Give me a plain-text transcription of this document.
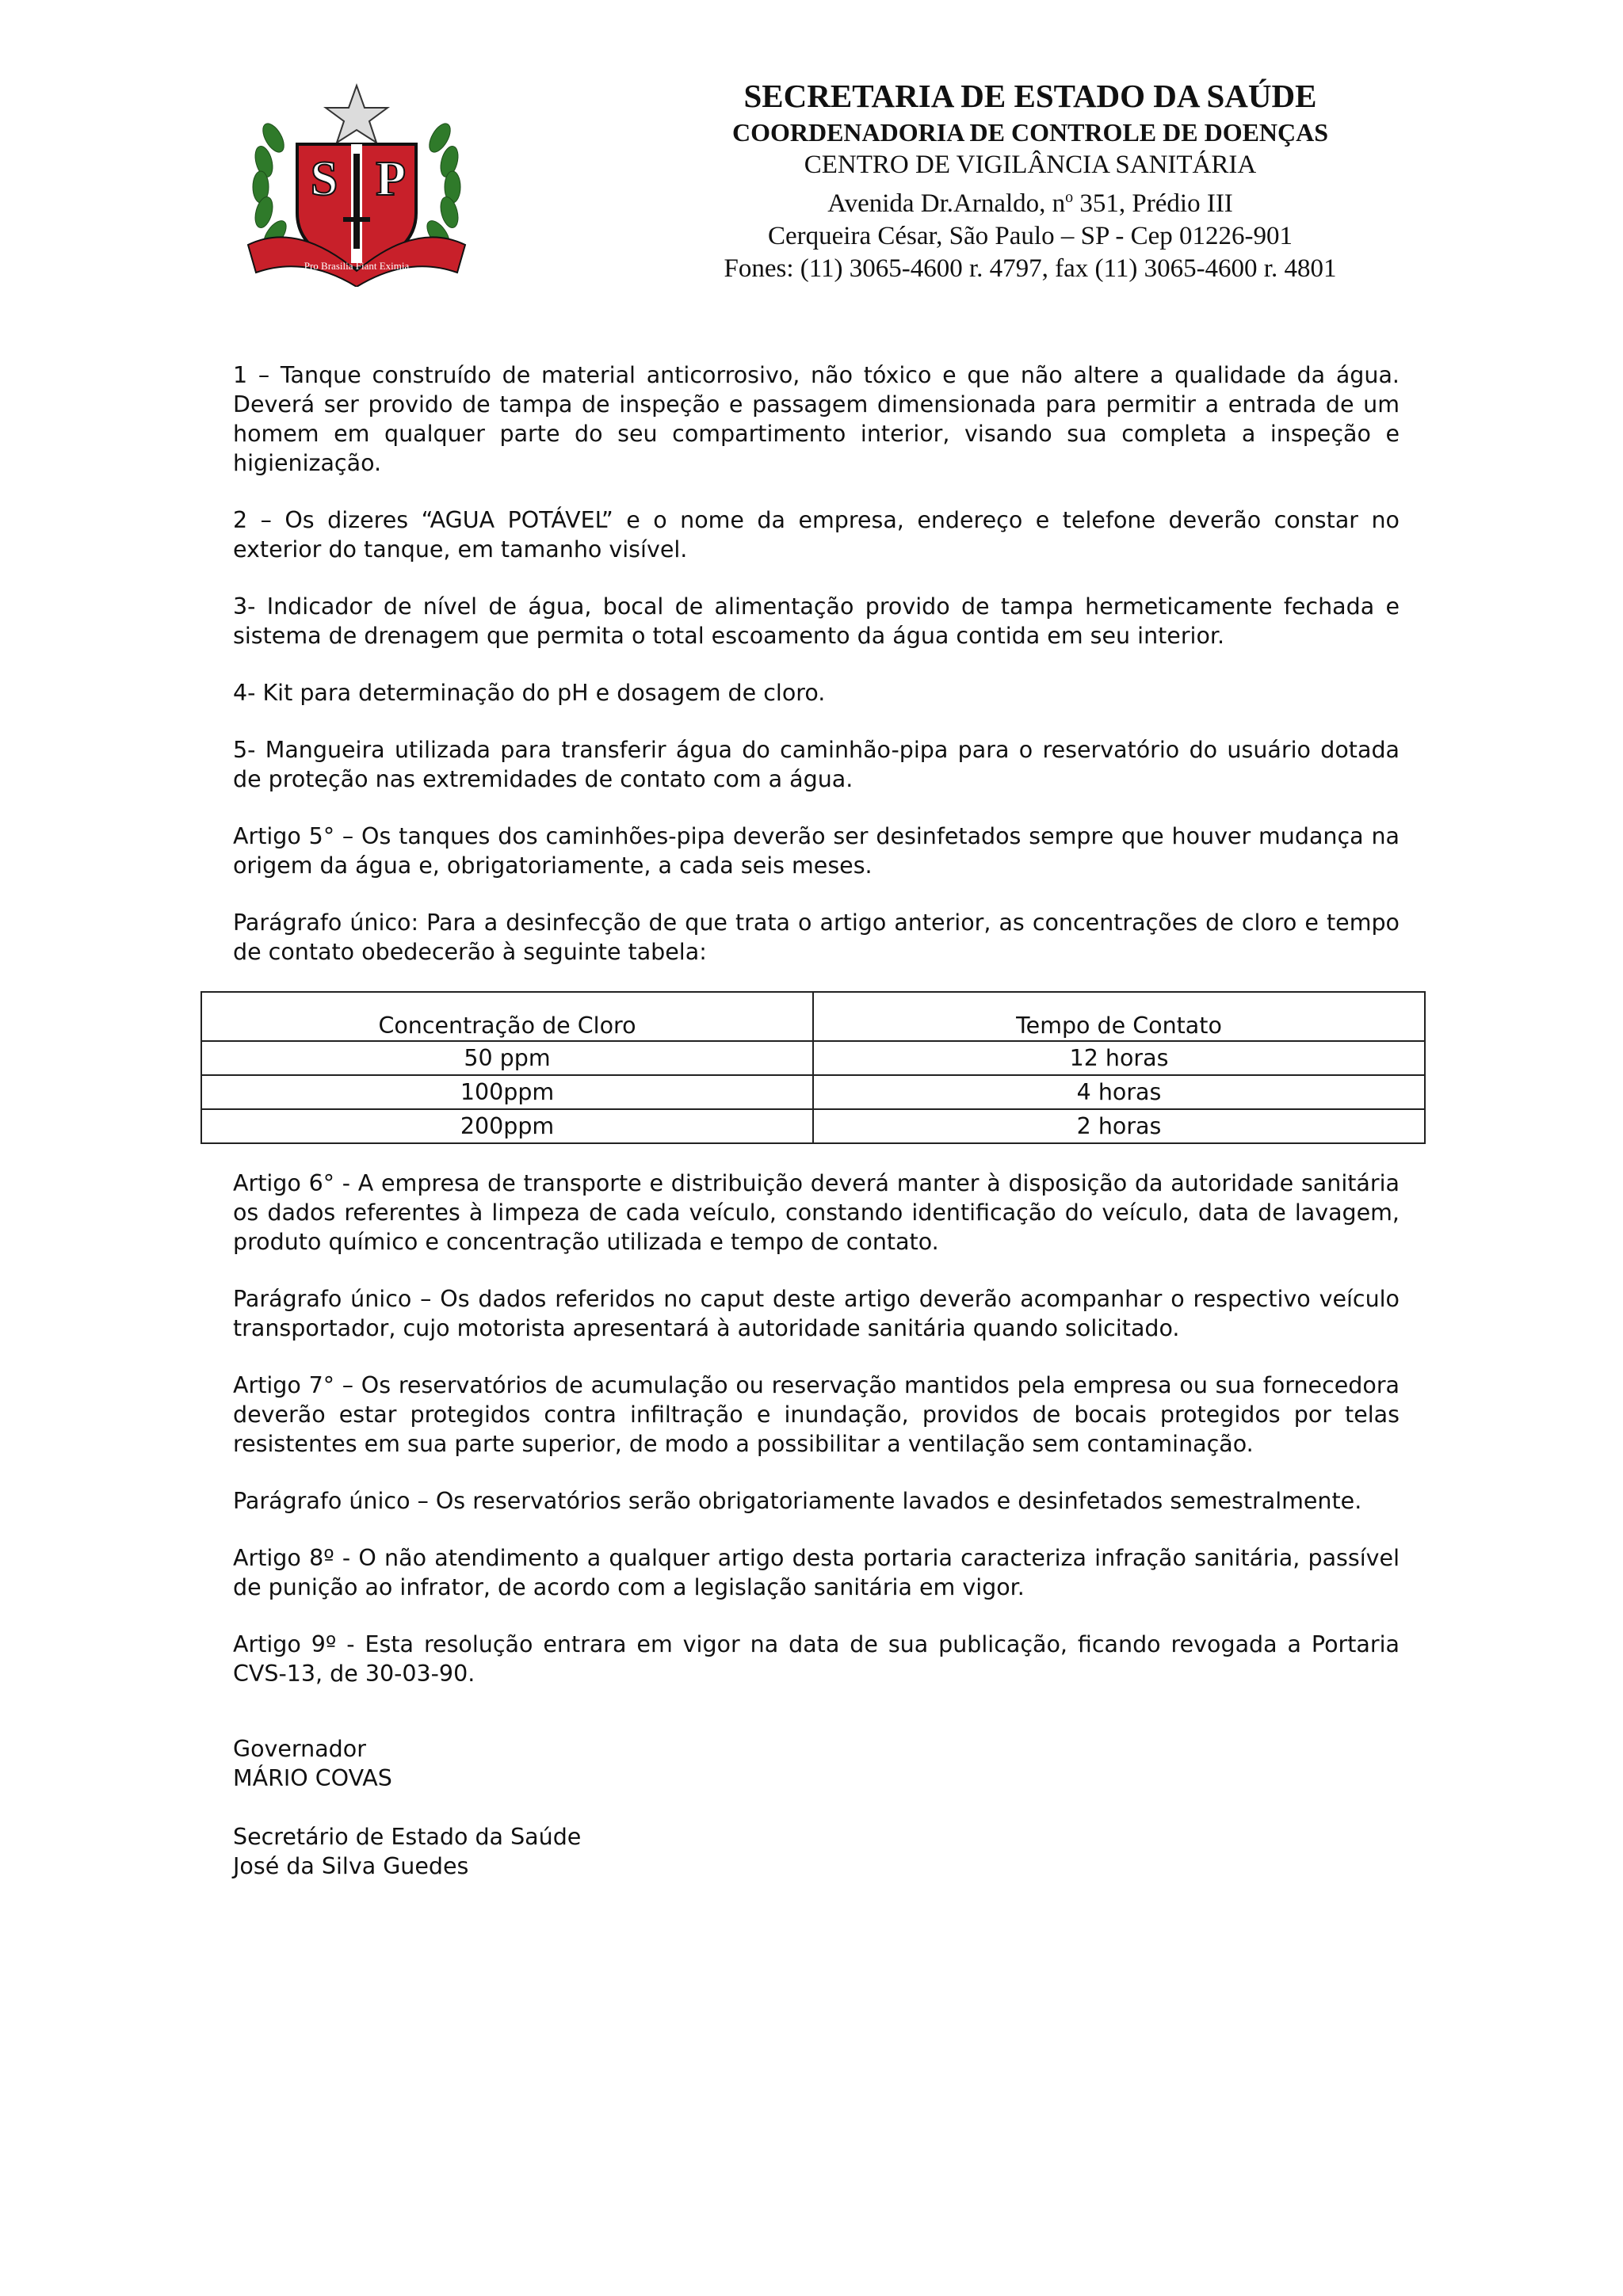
S P
Pro Brasilia Fiant Eximia
SECRETARIA DE ESTADO DA SAÚDE
COORDENADORIA DE CONTROLE DE DOENÇAS
CENTRO DE VIGILÂNCIA SANITÁRIA
Avenida Dr.Arnaldo, $n^o$ 351, Prédio III
Cerqueira César, São Paulo – SP - Cep 01226-901
Fones: (11) 3065-4600 r. 4797, fax (11) 3065-4600 r. 4801

1 – Tanque construído de material anticorrosivo, não tóxico e que não altere a qualidade da água. Deverá ser provido de tampa de inspeção e passagem dimensionada para permitir a entrada de um homem em qualquer parte do seu compartimento interior, visando sua completa a inspeção e higienização.

2 – Os dizeres “AGUA POTÁVEL” e o nome da empresa, endereço e telefone deverão constar no exterior do tanque, em tamanho visível.

3- Indicador de nível de água, bocal de alimentação provido de tampa hermeticamente fechada e sistema de drenagem que permita o total escoamento da água contida em seu interior.

4- Kit para determinação do pH e dosagem de cloro.

5- Mangueira utilizada para transferir água do caminhão-pipa para o reservatório do usuário dotada de proteção nas extremidades de contato com a água.

Artigo 5° – Os tanques dos caminhões-pipa deverão ser desinfetados sempre que houver mudança na origem da água e, obrigatoriamente, a cada seis meses.

Parágrafo único: Para a desinfecção de que trata o artigo anterior, as concentrações de cloro e tempo de contato obedecerão à seguinte tabela:

Concentração de Cloro	Tempo de Contato
50 ppm	12 horas
100ppm	4 horas
200ppm	2 horas

Artigo 6° - A empresa de transporte e distribuição deverá manter à disposição da autoridade sanitária os dados referentes à limpeza de cada veículo, constando identificação do veículo, data de lavagem, produto químico e concentração utilizada e tempo de contato.

Parágrafo único – Os dados referidos no caput deste artigo deverão acompanhar o respectivo veículo transportador, cujo motorista apresentará à autoridade sanitária quando solicitado.

Artigo 7° – Os reservatórios de acumulação ou reservação mantidos pela empresa ou sua fornecedora deverão estar protegidos contra infiltração e inundação, providos de bocais protegidos por telas resistentes em sua parte superior, de modo a possibilitar a ventilação sem contaminação.

Parágrafo único – Os reservatórios serão obrigatoriamente lavados e desinfetados semestralmente.

Artigo 8º - O não atendimento a qualquer artigo desta portaria caracteriza infração sanitária, passível de punição ao infrator, de acordo com a legislação sanitária em vigor.

Artigo 9º - Esta resolução entrara em vigor na data de sua publicação, ficando revogada a Portaria CVS-13, de 30-03-90.

Governador
MÁRIO COVAS
Secretário de Estado da Saúde
José da Silva Guedes
